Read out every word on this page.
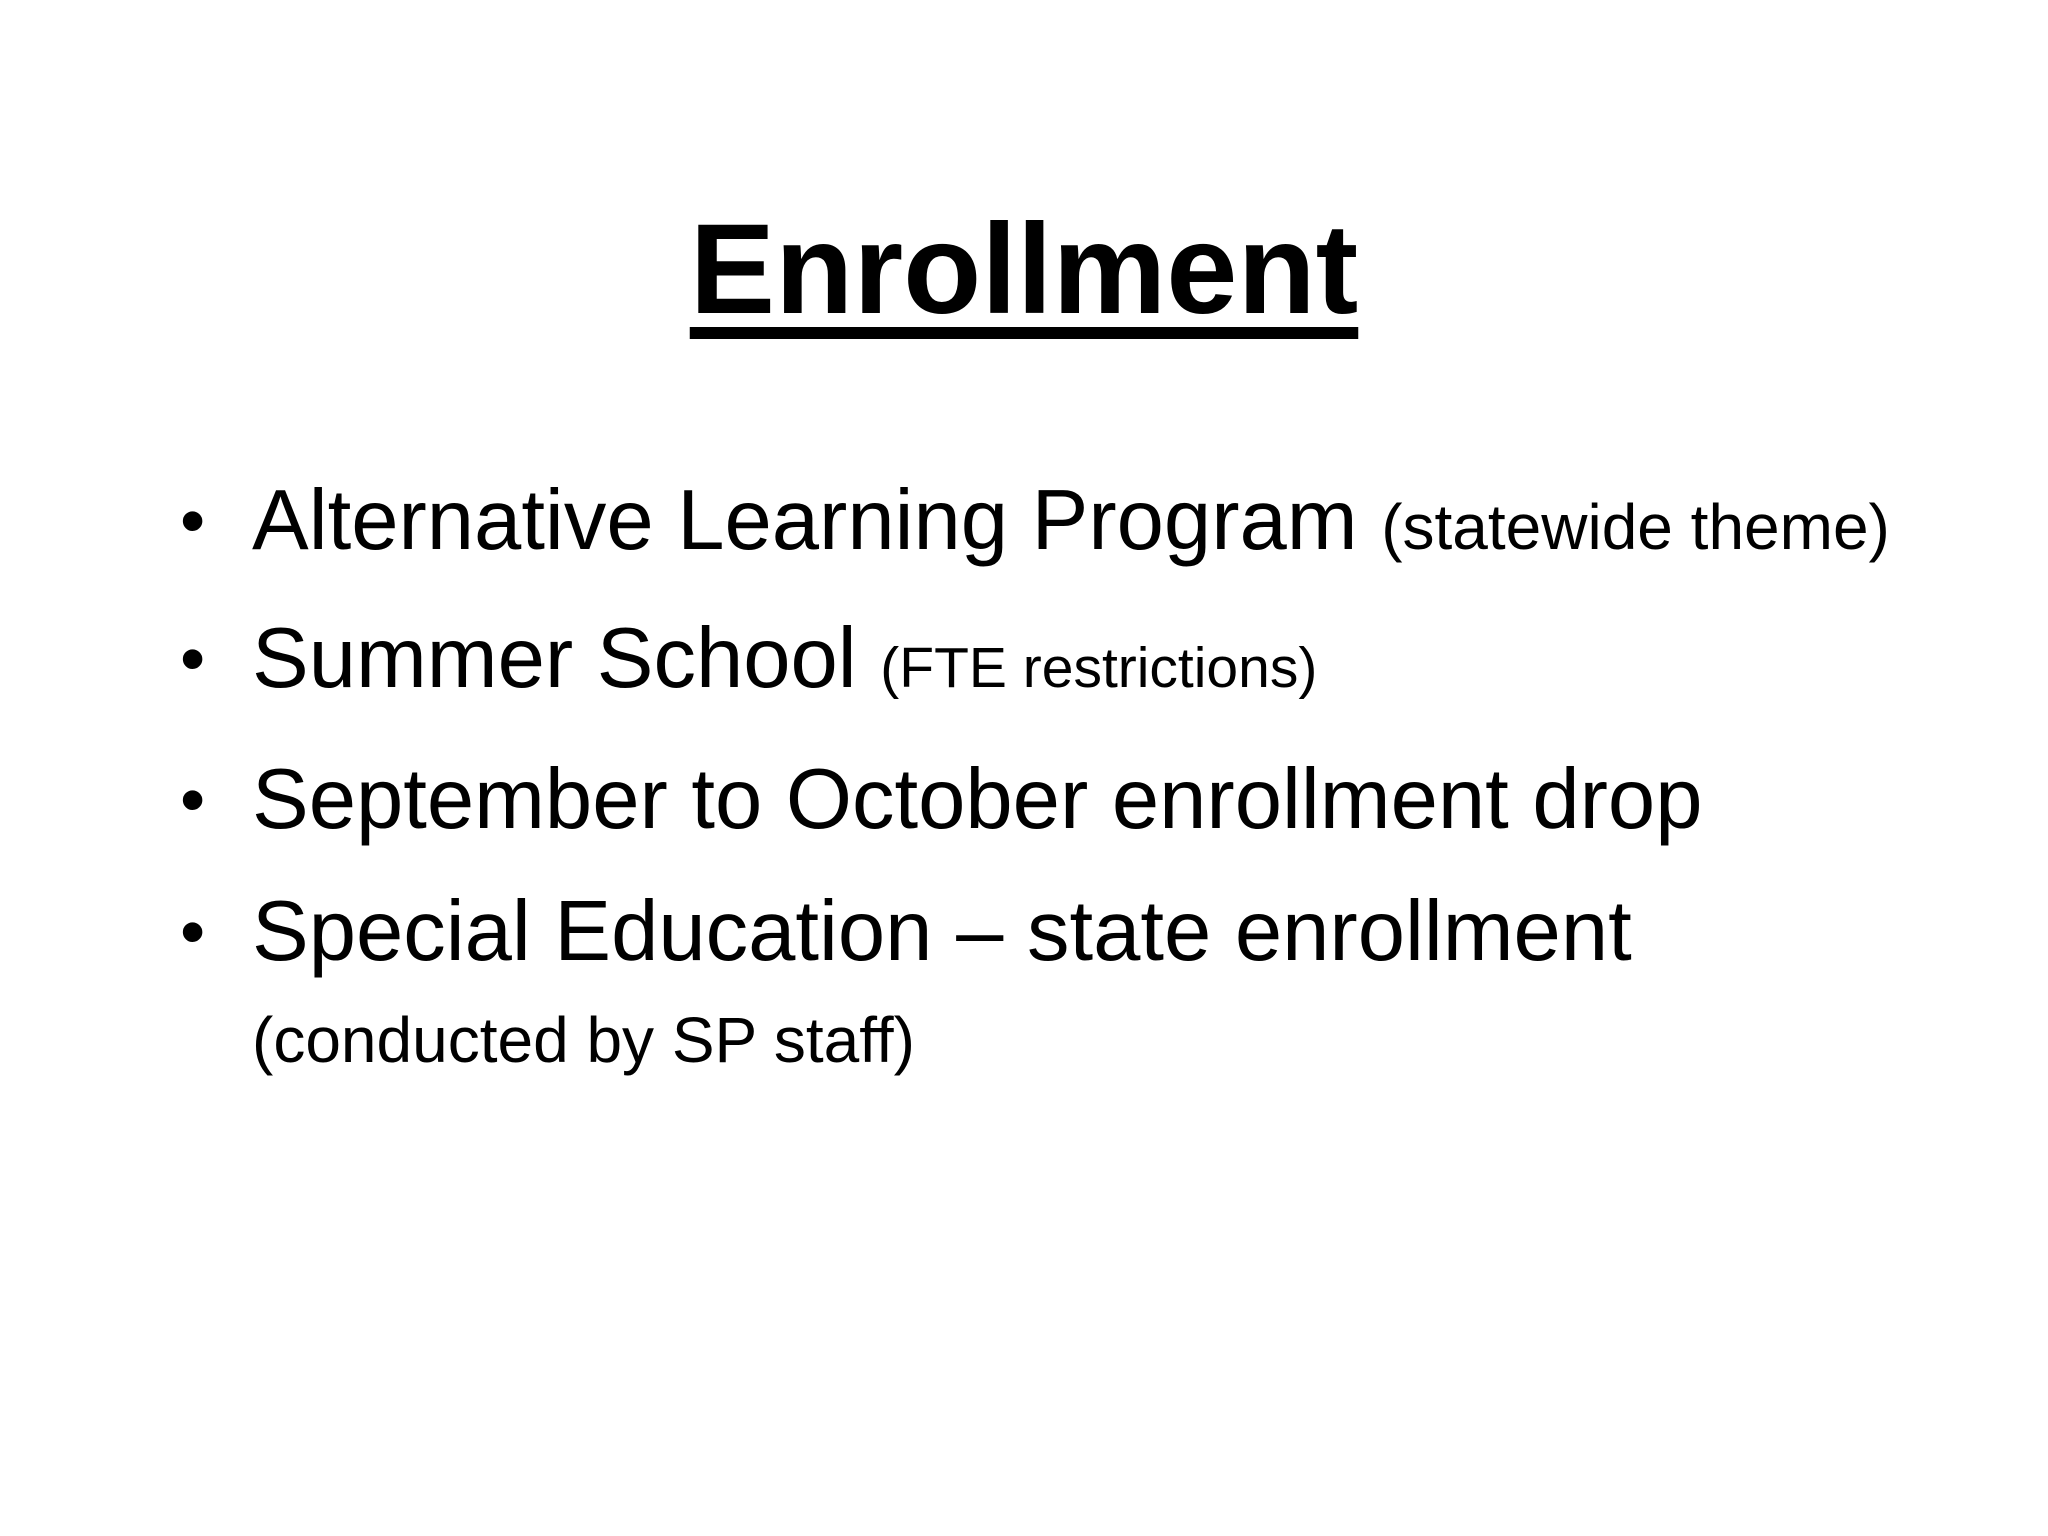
Enrollment
• Alternative Learning Program (statewide theme)
• Summer School (FTE restrictions)
• September to October enrollment drop
• Special Education – state enrollment (conducted by SP staff)
